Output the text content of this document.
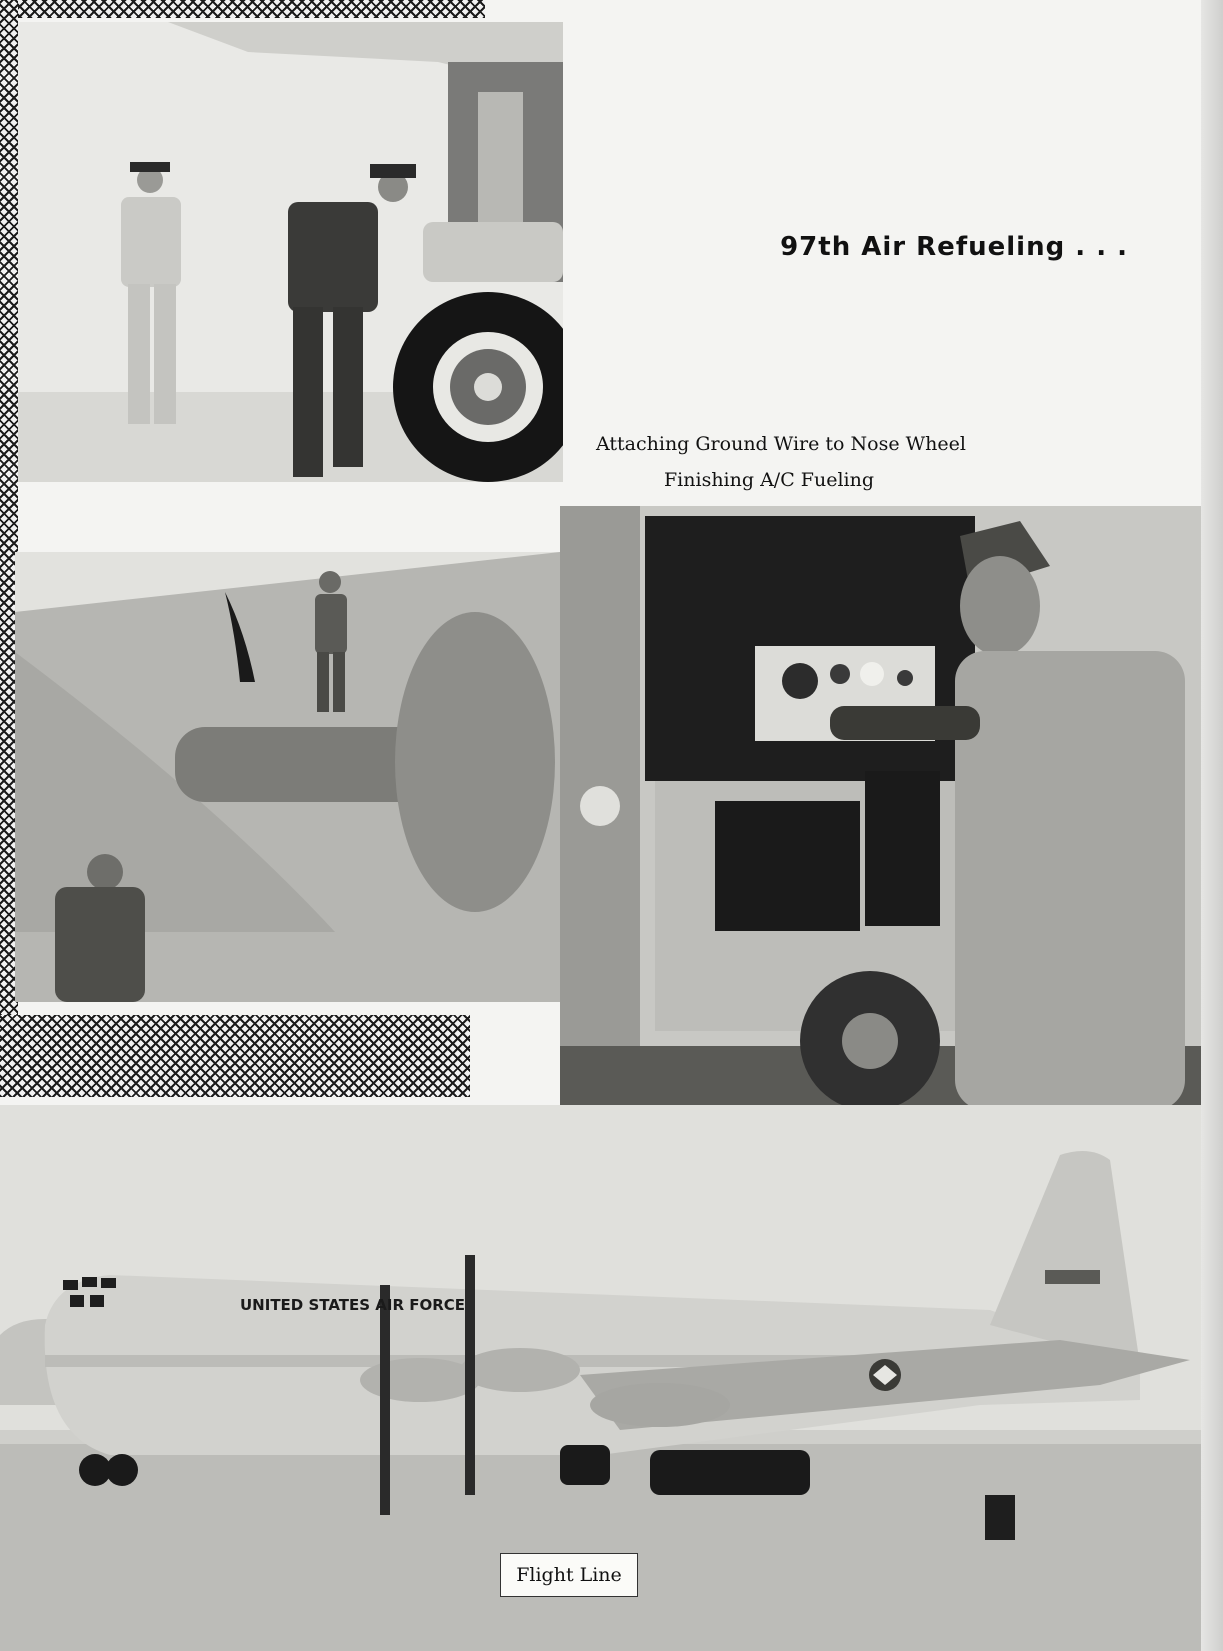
UNITED STATES AIR FORCE
97th Air Refueling . . .
Attaching Ground Wire to Nose Wheel
Finishing A/C Fueling
Flight Line
